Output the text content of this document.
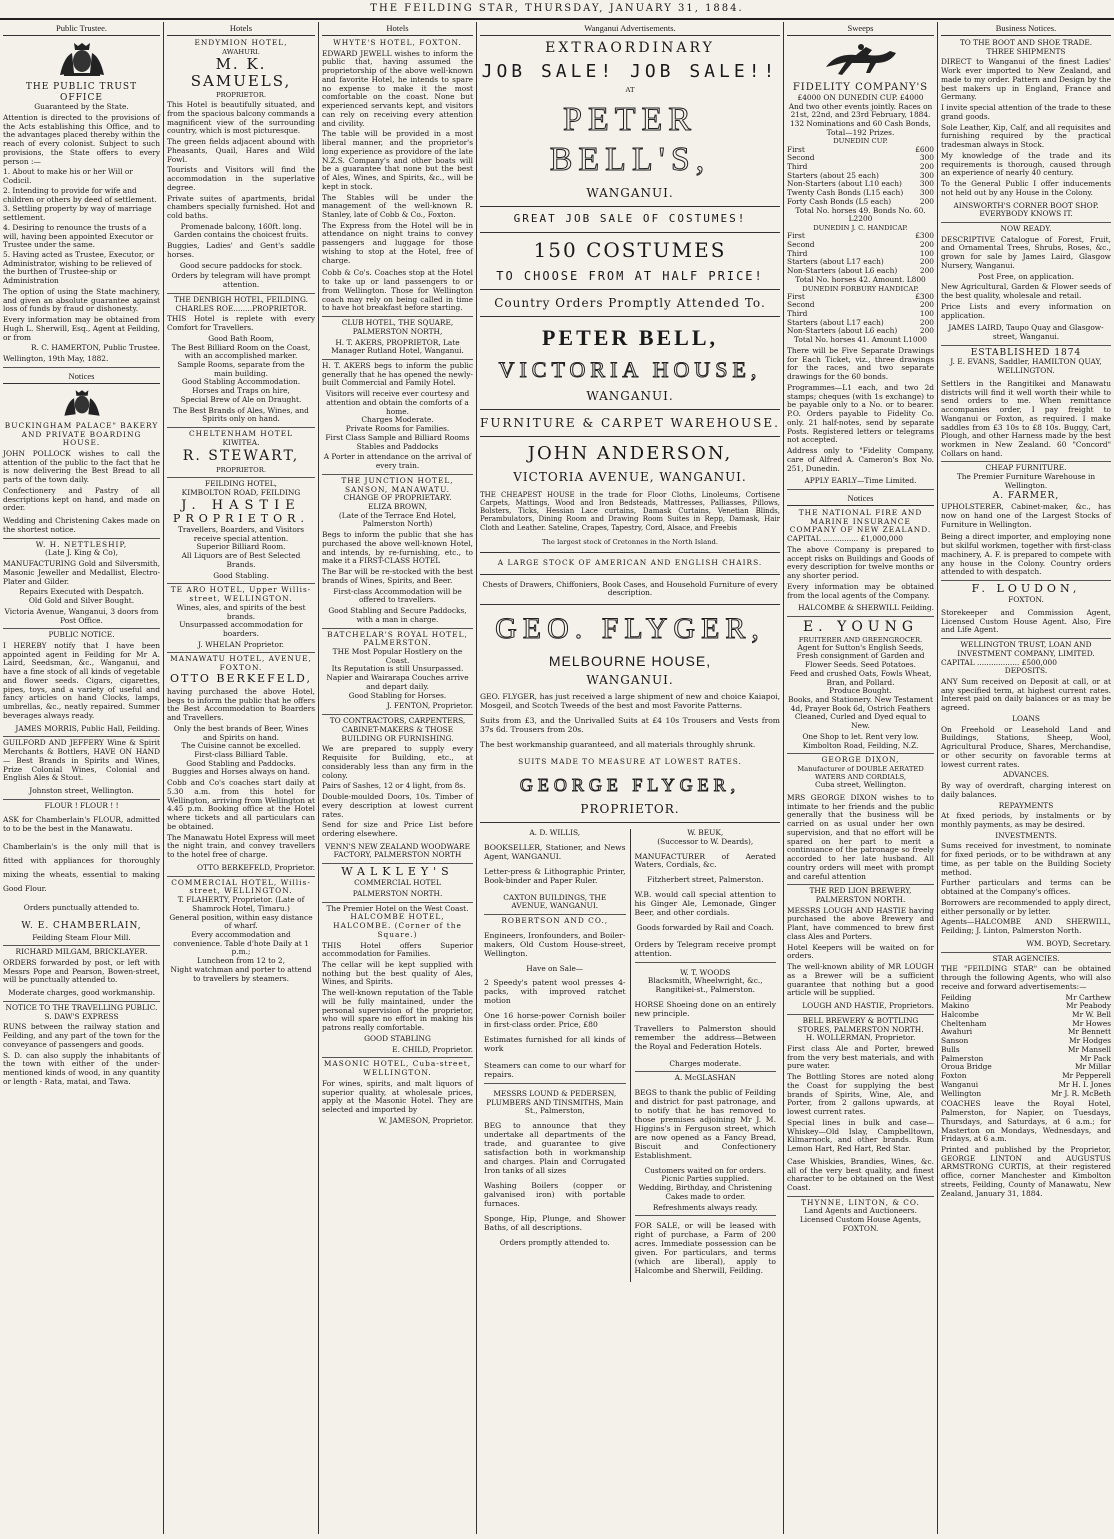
THE FEILDING STAR, THURSDAY, JANUARY 31, 1884.
Public Trustee.
THE PUBLIC TRUST OFFICE
Guaranteed by the State.
Attention is directed to the provisions of the Acts establishing this Office, and to the advantages placed thereby within the reach of every colonist. Subject to such provisions, the State offers to every person :—
1. About to make his or her Will or Codicil.
2. Intending to provide for wife and children or others by deed of settlement.
3. Settling property by way of marriage settlement.
4. Desiring to renounce the trusts of a will, having been appointed Executor or Trustee under the same.
5. Having acted as Trustee, Executor, or Administrator, wishing to be relieved of the burthen of Trustee-ship or Administration
The option of using the State machinery, and given an absolute guarantee against loss of funds by fraud or dishonesty.
Every information may be obtained from Hugh L. Sherwill, Esq., Agent at Feilding, or from
R. C. HAMERTON, Public Trustee.
Wellington, 19th May, 1882.
Notices
BUCKINGHAM PALACE" BAKERY AND PRIVATE BOARDING HOUSE.
JOHN POLLOCK wishes to call the attention of the public to the fact that he is now delivering the Best Bread to all parts of the town daily.
Confectionery and Pastry of all descriptions kept on hand, and made on order.
Wedding and Christening Cakes made on the shortest notice.
W. H. NETTLESHIP,
(Late J. King & Co),
MANUFACTURING Gold and Silversmith, Masonic Jeweller and Medallist, Electro-Plater and Gilder.
Repairs Executed with Despatch.
Old Gold and Silver Bought.
Victoria Avenue, Wanganui, 3 doors from Post Office.
PUBLIC NOTICE.
I HEREBY notify that I have been appointed agent in Feilding for Mr A. Laird, Seedsman, &c., Wanganui, and have a fine stock of all kinds of vegetable and flower seeds. Cigars, cigarettes, pipes, toys, and a variety of useful and fancy articles on hand Clocks, lamps, umbrellas, &c., neatly repaired. Summer beverages always ready.
JAMES MORRIS, Public Hall, Feilding.
GUILFORD AND JEFFERY Wine & Spirit Merchants & Bottlers, HAVE ON HAND— Best Brands in Spirits and Wines, Prize Colonial Wines, Colonial and English Ales & Stout.
Johnston street, Wellington.
FLOUR ! FLOUR ! !
ASK for Chamberlain's FLOUR, admitted to to be the best in the Manawatu.
Chamberlain's is the only mill that is fitted with appliances for thoroughly mixing the wheats, essential to making Good Flour.
Orders punctually attended to.
W. E. CHAMBERLAIN,
Feilding Steam Flour Mill.
RICHARD MILGAM, BRICKLAYER.
ORDERS forwarded by post, or left with Messrs Pope and Pearson, Bowen-street, will be punctually attended to.
Moderate charges, good workmanship.
NOTICE TO THE TRAVELLING PUBLIC.
S. DAW'S EXPRESS
RUNS between the railway station and Feilding, and any part of the town for the conveyance of passengers and goods.
S. D. can also supply the inhabitants of the town with either of the under-mentioned kinds of wood, in any quantity or length - Rata, matai, and Tawa.
Hotels
ENDYMION HOTEL,
AWAHURI.
M. K. SAMUELS,
PROPRIETOR.
This Hotel is beautifully situated, and from the spacious balcony commands a magnificent view of the surrounding country, which is most picturesque.
The green fields adjacent abound with Pheasants, Quail, Hares and Wild Fowl.
Tourists and Visitors will find the accommodation in the superlative degree.
Private suites of apartments, bridal chambers specially furnished. Hot and cold baths.
Promenade balcony, 160ft. long.
Garden contains the choicest fruits.
Buggies, Ladies' and Gent's saddle horses.
Good secure paddocks for stock.
Orders by telegram will have prompt attention.
THE DENBIGH HOTEL, FEILDING.
CHARLES ROE........PROPRIETOR.
THIS Hotel is replete with every Comfort for Travellers.
Good Bath Room,
The Best Billiard Room on the Coast, with an accomplished marker.
Sample Rooms, separate from the main building.
Good Stabling Accommodation.
Horses and Traps on hire,
Special Brew of Ale on Draught.
The Best Brands of Ales, Wines, and Spirits only on hand.
CHELTENHAM HOTEL
KIWITEA.
R. STEWART,
PROPRIETOR.
FEILDING HOTEL,
KIMBOLTON ROAD, FEILDING
J. HASTIE
PROPRIETOR.
Travellers, Boarders, and Visitors receive special attention.
Superior Billiard Room.
All Liquors are of Best Selected Brands.
Good Stabling.
TE ARO HOTEL, Upper Willis-street, WELLINGTON.
Wines, ales, and spirits of the best brands.
Unsurpassed accommodation for boarders.
J. WHELAN Proprietor.
MANAWATU HOTEL, AVENUE, FOXTON.
OTTO BERKEFELD,
having purchased the above Hotel, begs to inform the public that he offers the Best Accommodation to Boarders and Travellers.
Only the best brands of Beer, Wines and Spirits on hand.
The Cuisine cannot be excelled.
First-class Billiard Table.
Good Stabling and Paddocks.
Buggies and Horses always on hand.
Cobb and Co's coaches start daily at 5.30 a.m. from this hotel for Wellington, arriving from Wellington at 4.45 p.m. Booking office at the Hotel where tickets and all particulars can be obtained.
The Manawatu Hotel Express will meet the night train, and convey travellers to the hotel free of charge.
OTTO BERKEFELD, Proprietor.
COMMERCIAL HOTEL, Willis-street, WELLINGTON.
T. FLAHERTY, Proprietor. (Late of Shamrock Hotel, Timaru.)
General position, within easy distance of wharf.
Every accommodation and convenience. Table d'hote Daily at 1 p.m.;
Luncheon from 12 to 2,
Night watchman and porter to attend to travellers by steamers.
Hotels
WHYTE'S HOTEL, FOXTON.
EDWARD JEWELL wishes to inform the public that, having assumed the proprietorship of the above well-known and favorite Hotel, he intends to spare no expense to make it the most comfortable on the coast. None but experienced servants kept, and visitors can rely on receiving every attention and civility.
The table will be provided in a most liberal manner, and the proprietor's long experience as providore of the late N.Z.S. Company's and other boats will be a guarantee that none but the best of Ales, Wines, and Spirits, &c., will be kept in stock.
The Stables will be under the management of the well-known R. Stanley, late of Cobb & Co., Foxton.
The Express from the Hotel will be in attendance on night trains to convey passengers and luggage for those wishing to stop at the Hotel, free of charge.
Cobb & Co's. Coaches stop at the Hotel to take up or land passengers to or from Wellington. Those for Wellington coach may rely on being called in time to have hot breakfast before starting.
CLUB HOTEL, THE SQUARE, PALMERSTON NORTH,
H. T. AKERS, PROPRIETOR, Late Manager Rutland Hotel, Wanganui.
H. T. AKERS begs to inform the public generally that he has opened the newly-built Commercial and Family Hotel.
Visitors will receive ever courtesy and attention and obtain the comforts of a home.
Charges Moderate.
Private Rooms for Families.
First Class Sample and Billiard Rooms Stables and Paddocks
A Porter in attendance on the arrival of every train.
THE JUNCTION HOTEL, SANSON, MANAWATU.
CHANGE OF PROPRIETARY.
ELIZA BROWN,
(Late of the Terrace End Hotel, Palmerston North)
Begs to inform the public that she has purchased the above well-known Hotel, and intends, by re-furnishing, etc., to make it a FIRST-CLASS HOTEL
The Bar will be re-stocked with the best brands of Wines, Spirits, and Beer.
First-class Accommodation will be offered to travellers.
Good Stabling and Secure Paddocks, with a man in charge.
BATCHELAR'S ROYAL HOTEL, PALMERSTON.
THE Most Popular Hostlery on the Coast.
Its Reputation is still Unsurpassed.
Napier and Wairarapa Couches arrive and depart daily.
Good Stabling for Horses.
J. FENTON, Proprietor.
TO CONTRACTORS, CARPENTERS, CABINET-MAKERS & THOSE BUILDING OR FURNISHING.
We are prepared to supply every Requisite for Building, etc., at considerably less than any firm in the colony.
Pairs of Sashes, 12 or 4 light, from 8s.
Double-moulded Doors, 10s. Timber of every description at lowest current rates.
Send for size and Price List before ordering elsewhere.
VENN'S NEW ZEALAND WOODWARE FACTORY, PALMERSTON NORTH
WALKLEY'S
COMMERCIAL HOTEL
PALMERSTON NORTH.
The Premier Hotel on the West Coast.
HALCOMBE HOTEL, HALCOMBE. (Corner of the Square.)
THIS Hotel offers Superior accommodation for Families.
The cellar will be kept supplied with nothing but the best quality of Ales, Wines, and Spirits.
The well-known reputation of the Table will be fully maintained, under the personal supervision of the proprietor, who will spare no effort in making his patrons really comfortable.
GOOD STABLING
E. CHILD, Proprietor.
MASONIC HOTEL, Cuba-street, WELLINGTON.
For wines, spirits, and malt liquors of superior quality, at wholesale prices, apply at the Masonic Hotel. They are selected and imported by
W. JAMESON, Proprietor.
Wanganui Advertisements.
EXTRAORDINARY
JOB SALE! JOB SALE!!
AT
PETER BELL'S,
WANGANUI.
GREAT JOB SALE OF COSTUMES!
150 COSTUMES
TO CHOOSE FROM AT HALF PRICE!
Country Orders Promptly Attended To.
PETER BELL,
VICTORIA HOUSE,
WANGANUI.
FURNITURE & CARPET WAREHOUSE.
JOHN ANDERSON,
VICTORIA AVENUE, WANGANUI.
THE CHEAPEST HOUSE in the trade for Floor Cloths, Linoleums, Cortisene Carpets, Mattings, Wood and Iron Bedsteads, Mattresses, Palliasses, Pillows, Bolsters, Ticks, Hessian Lace curtains, Damask Curtains, Venetian Blinds, Perambulators, Dining Room and Drawing Room Suites in Repp, Damask, Hair Cloth and Leather. Sateline, Crapes, Tapestry, Cord, Alsace, and Freebis
The largest stock of Cretonnes in the North Island.
A LARGE STOCK OF AMERICAN AND ENGLISH CHAIRS.
Chests of Drawers, Chiffoniers, Book Cases, and Household Furniture of every description.
GEO. FLYGER,
MELBOURNE HOUSE,
WANGANUI.
GEO. FLYGER, has just received a large shipment of new and choice Kaiapoi, Mosgeil, and Scotch Tweeds of the best and most Favorite Patterns.
Suits from £3, and the Unrivalled Suits at £4 10s Trousers and Vests from 37s 6d. Trousers from 20s.
The best workmanship guaranteed, and all materials throughly shrunk.
SUITS MADE TO MEASURE AT LOWEST RATES.
GEORGE FLYGER,
PROPRIETOR.
A. D. WILLIS,
BOOKSELLER, Stationer, and News Agent, WANGANUI.
Letter-press & Lithographic Printer, Book-binder and Paper Ruler.
CAXTON BUILDINGS, THE AVENUE, WANGANUI.
ROBERTSON AND CO.,
Engineers, Ironfounders, and Boiler-makers, Old Custom House-street, Wellington.
Have on Sale—
2 Speedy's patent wool presses 4-packs, with improved ratchet motion
One 16 horse-power Cornish boiler in first-class order. Price, £80
Estimates furnished for all kinds of work
Steamers can come to our wharf for repairs.
MESSRS LOUND & PEDERSEN, PLUMBERS AND TINSMITHS, Main St., Palmerston,
BEG to announce that they undertake all departments of the trade, and guarantee to give satisfaction both in workmanship and charges. Plain and Corrugated Iron tanks of all sizes
Washing Boilers (copper or galvanised iron) with portable furnaces.
Sponge, Hip, Plunge, and Shower Baths, of all descriptions.
Orders promptly attended to.
W. BEUK,
(Successor to W. Deards),
MANUFACTURER of Aerated Waters, Cordials, &c.
Fitzherbert street, Palmerston.
W.B. would call special attention to his Ginger Ale, Lemonade, Ginger Beer, and other cordials.
Goods forwarded by Rail and Coach.
Orders by Telegram receive prompt attention.
W. T. WOODS
Blacksmith, Wheelwright, &c., Rangitikei-st., Palmerston.
HORSE Shoeing done on an entirely new principle.
Travellers to Palmerston should remember the address—Between the Royal and Federation Hotels.
Charges moderate.
A. McGLASHAN
BEGS to thank the public of Feilding and district for past patronage, and to notify that he has removed to those premises adjoining Mr J. M. Higgins's in Ferguson street, which are now opened as a Fancy Bread, Biscuit and Confectionery Establishment.
Customers waited on for orders.
Picnic Parties supplied.
Wedding, Birthday, and Christening Cakes made to order.
Refreshments always ready.
FOR SALE, or will be leased with right of purchase, a Farm of 200 acres. Immediate possession can be given. For particulars, and terms (which are liberal), apply to Halcombe and Sherwill, Feilding.
Sweeps
FIDELITY COMPANY'S
£4000 ON DUNEDIN CUP. £4000
And two other events jointly. Races on 21st, 22nd, and 23rd February, 1884.
132 Nominations and 60 Cash Bonds, Total—192 Prizes.
DUNEDIN CUP.
First	£600
Second	300
Third	200
Starters (about 25 each)	300
Non-Starters (about L10 each) 300
Twenty Cash Bonds (L15 each) 300
Forty Cash Bonds (L5 each)	200
Total No. horses 49. Bonds No. 60. L2200
DUNEDIN J. C. HANDICAP.
First	£300
Second	200
Third	100
Starters (about L17 each)	200
Non-Starters (about L6 each)	200
Total No. horses 42. Amount. L800
DUNEDIN FORBURY HANDICAP.
First	£300
Second	200
Third	100
Starters (about L17 each)	200
Non-Starters (about L6 each)	200
Total No. horses 41. Amount L1000
There will be Five Separate Drawings for Each Ticket, viz., three drawings for the races, and two separate drawings for the 60 bonds.
Programmes—L1 each, and two 2d stamps; cheques (with 1s exchange) to be payable only to a No. or to bearer. P.O. Orders payable to Fidelity Co. only. 21 half-notes, send by separate Posts. Registered letters or telegrams not accepted.
Address only to "Fidelity Company, care of Alfred A. Cameron's Box No. 251, Dunedin.
APPLY EARLY—Time Limited.
Notices
THE NATIONAL FIRE AND MARINE INSURANCE COMPANY OF NEW ZEALAND.
CAPITAL ............... £1,000,000
The above Company is prepared to accept risks on Buildings and Goods of every description for twelve months or any shorter period.
Every information may be obtained from the local agents of the Company.
HALCOMBE & SHERWILL Feilding.
E. YOUNG
FRUITERER AND GREENGROCER.
Agent for Sutton's English Seeds,
Fresh consignment of Garden and Flower Seeds. Seed Potatoes.
Feed and crushed Oats, Fowls Wheat, Bran, and Pollard.
Produce Bought.
Books, and Stationery. New Testament 4d, Prayer Book 6d, Ostrich Feathers Cleaned, Curled and Dyed equal to New.
One Shop to let. Rent very low. Kimbolton Road, Feilding, N.Z.
GEORGE DIXON,
Manufacturer of DOUBLE AERATED WATERS AND CORDIALS,
Cuba street, Wellington.
MRS GEORGE DIXON wishes to to intimate to her friends and the public generally that the business will be carried on as usual under her own supervision, and that no effort will be spared on her part to merit a continuance of the patronage so freely accorded to her late husband. All country orders will meet with prompt and careful attention
THE RED LION BREWERY, PALMERSTON NORTH.
MESSRS LOUGH AND HASTIE having purchased the above Brewery and Plant, have commenced to brew first class Ales and Porters.
Hotel Keepers will be waited on for orders.
The well-known ability of MR LOUGH as a Brewer will be a sufficient guarantee that nothing but a good article will be supplied.
LOUGH AND HASTIE, Proprietors.
BELL BREWERY & BOTTLING STORES, PALMERSTON NORTH.
H. WOLLERMAN, Proprietor.
First class Ale and Porter, brewed from the very best materials, and with pure water.
The Bottling Stores are noted along the Coast for supplying the best brands of Spirits, Wine, Ale, and Porter, from 2 gallons upwards, at lowest current rates.
Special lines in bulk and case—Whiskey—Old Islay, Campbelltown, Kilmarnock, and other brands. Rum Lemon Hart, Red Hart, Red Star.
Case Whiskies, Brandies, Wines, &c. all of the very best quality, and finest character to be obtained on the West Coast.
THYNNE, LINTON, & CO.
Land Agents and Auctioneers.
Licensed Custom House Agents, FOXTON.
Business Notices.
TO THE BOOT AND SHOE TRADE.
THREE SHIPMENTS
DIRECT to Wanganui of the finest Ladies' Work ever imported to New Zealand, and made to my order. Pattern and Design by the best makers up in England, France and Germany.
I invite special attention of the trade to these grand goods.
Sole Leather, Kip, Calf, and all requisites and furnishing required by the practical tradesman always in Stock.
My knowledge of the trade and its requirements is thorough, caused through an experience of nearly 40 century.
To the General Public I offer inducements not held out by any House in the Colony.
AINSWORTH'S CORNER BOOT SHOP. EVERYBODY KNOWS IT.
NOW READY.
DESCRIPTIVE Catalogue of Forest, Fruit, and Ornamental Trees, Shrubs, Roses, &c., grown for sale by James Laird, Glasgow Nursery, Wanganui.
Post Free, on application.
New Agricultural, Garden & Flower seeds of the best quality, wholesale and retail.
Price Lists and every information on application.
JAMES LAIRD, Taupo Quay and Glasgow-street, Wanganui.
ESTABLISHED 1874
J. E. EVANS, Saddler, HAMILTON QUAY, WELLINGTON.
Settlers in the Rangitikei and Manawatu districts will find it well worth their while to send orders to me. When remittance accompanies order, I pay freight to Wanganui or Foxton, as required. I make saddles from £3 10s to £8 10s. Buggy, Cart, Plough, and other Harness made by the best workmen in New Zealand. 60 "Concord" Collars on hand.
CHEAP FURNITURE.
The Premier Furniture Warehouse in Wellington.
A. FARMER,
UPHOLSTERER, Cabinet-maker, &c., has now on hand one of the Largest Stocks of Furniture in Wellington.
Being a direct importer, and employing none but skilful workmen, together with first-class machinery, A. F. is prepared to compete with any house in the Colony. Country orders attended to with despatch.
F. LOUDON,
FOXTON.
Storekeeper and Commission Agent, Licensed Custom House Agent. Also, Fire and Life Agent.
WELLINGTON TRUST, LOAN AND INVESTMENT COMPANY, LIMITED.
CAPITAL .................. £500,000
DEPOSITS.
ANY Sum received on Deposit at call, or at any specified term, at highest current rates. Interest paid on daily balances or as may be agreed.
LOANS
On Freehold or Leasehold Land and Buildings, Stations, Sheep, Wool, Agricultural Produce, Shares, Merchandise, or other security on favorable terms at lowest current rates.
ADVANCES.
By way of overdraft, charging interest on daily balances.
REPAYMENTS
At fixed periods, by instalments or by monthly payments, as may be desired.
INVESTMENTS.
Sums received for investment, to nominate for fixed periods, or to be withdrawn at any time, as per table on the Building Society method.
Further particulars and terms can be obtained at the Company's offices.
Borrowers are recommended to apply direct, either personally or by letter.
Agents—HALCOMBE AND SHERWILL, Feilding; J. Linton, Palmerston North.
WM. BOYD, Secretary.
STAR AGENCIES.
THE "FEILDING STAR" can be obtained through the following Agents, who will also receive and forward advertisements:—
Feilding	Mr Carthew
Makino	Mr Peabody
Halcombe	Mr W. Bell
Cheltenham	Mr Howes
Awahuri	Mr Bennett
Sanson	Mr Hodges
Bulls	Mr Mansell
Palmerston	Mr Pack
Oroua Bridge	Mr Millar
Foxton	Mr Pepperell
Wanganui	Mr H. I. Jones
Wellington	Mr J. R. McBeth
COACHES leave the Royal Hotel, Palmerston, for Napier, on Tuesdays, Thursdays, and Saturdays, at 6 a.m.; for Masterton on Mondays, Wednesdays, and Fridays, at 6 a.m.
Printed and published by the Proprietor, GEORGE LINTON and AUGUSTUS ARMSTRONG CURTIS, at their registered office, corner Manchester and Kimbolton streets, Feilding, County of Manawatu, New Zealand, January 31, 1884.
